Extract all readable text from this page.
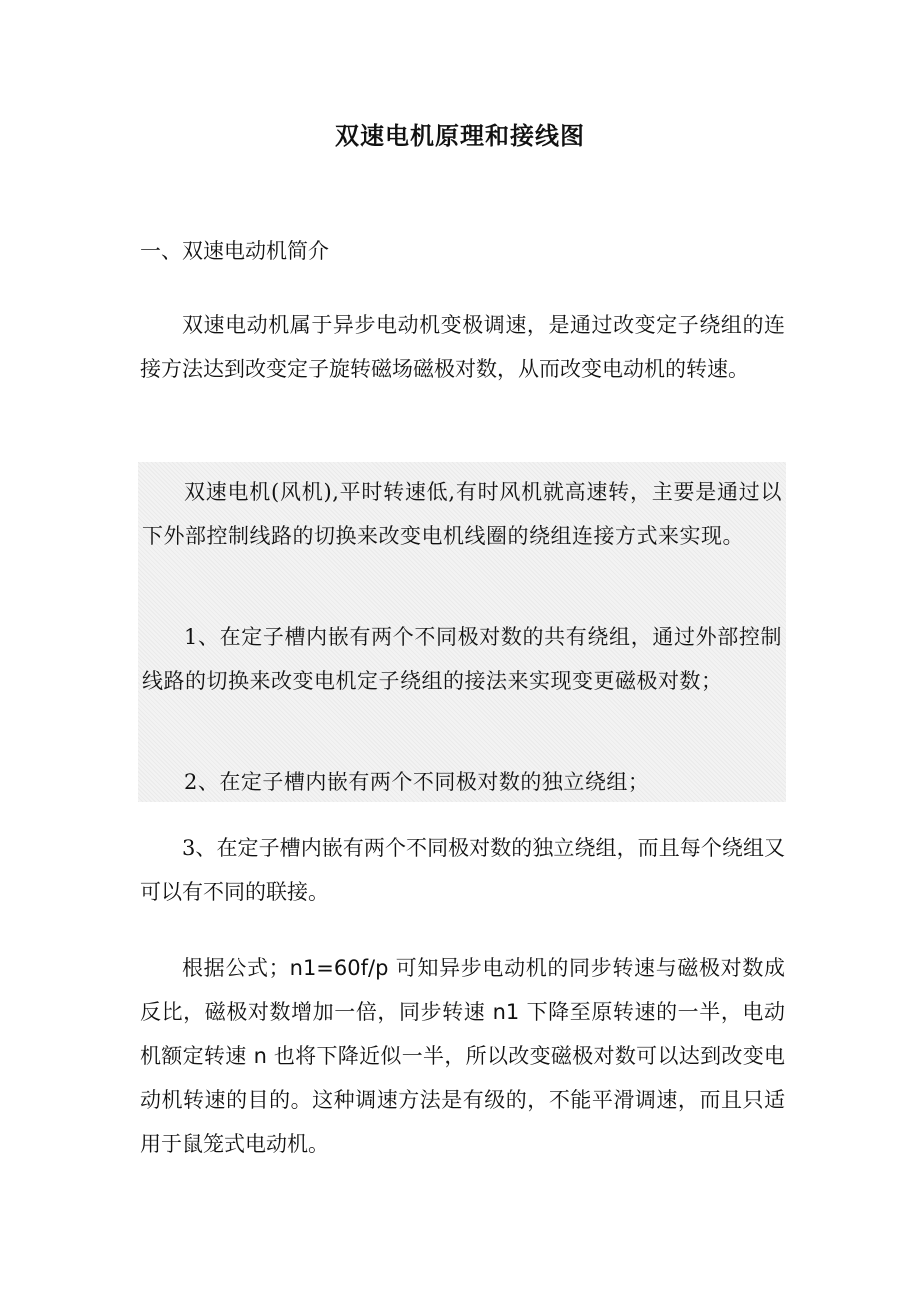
双速电机原理和接线图
一、双速电动机简介
双速电动机属于异步电动机变极调速，是通过改变定子绕组的连接方法达到改变定子旋转磁场磁极对数，从而改变电动机的转速。
双速电机(风机),平时转速低,有时风机就高速转，主要是通过以下外部控制线路的切换来改变电机线圈的绕组连接方式来实现。
1、在定子槽内嵌有两个不同极对数的共有绕组，通过外部控制线路的切换来改变电机定子绕组的接法来实现变更磁极对数；
2、在定子槽内嵌有两个不同极对数的独立绕组；
3、在定子槽内嵌有两个不同极对数的独立绕组，而且每个绕组又可以有不同的联接。
根据公式；n1=60f/p 可知异步电动机的同步转速与磁极对数成反比，磁极对数增加一倍，同步转速 n1 下降至原转速的一半，电动机额定转速 n 也将下降近似一半，所以改变磁极对数可以达到改变电动机转速的目的。这种调速方法是有级的，不能平滑调速，而且只适用于鼠笼式电动机。
